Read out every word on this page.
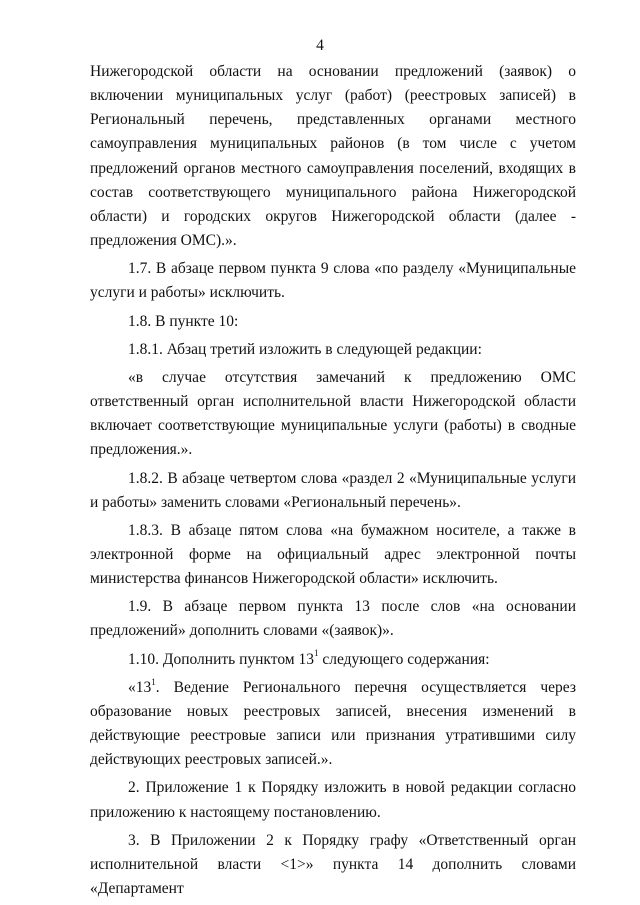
4

Нижегородской области на основании предложений (заявок) о включении муниципальных услуг (работ) (реестровых записей) в Региональный перечень, представленных органами местного самоуправления муниципальных районов (в том числе с учетом предложений органов местного самоуправления поселений, входящих в состав соответствующего муниципального района Нижегородской области) и городских округов Нижегородской области (далее - предложения ОМС).».

1.7. В абзаце первом пункта 9 слова «по разделу «Муниципальные услуги и работы» исключить.

1.8. В пункте 10:

1.8.1. Абзац третий изложить в следующей редакции:

«в случае отсутствия замечаний к предложению ОМС ответственный орган исполнительной власти Нижегородской области включает соответствующие муниципальные услуги (работы) в сводные предложения.».

1.8.2. В абзаце четвертом слова «раздел 2 «Муниципальные услуги и работы» заменить словами «Региональный перечень».

1.8.3. В абзаце пятом слова «на бумажном носителе, а также в электронной форме на официальный адрес электронной почты министерства финансов Нижегородской области» исключить.

1.9. В абзаце первом пункта 13 после слов «на основании предложений» дополнить словами «(заявок)».

1.10. Дополнить пунктом $13^1$ следующего содержания:

«$13^1$. Ведение Регионального перечня осуществляется через образование новых реестровых записей, внесения изменений в действующие реестровые записи или признания утратившими силу действующих реестровых записей.».

2. Приложение 1 к Порядку изложить в новой редакции согласно приложению к настоящему постановлению.

3. В Приложении 2 к Порядку графу «Ответственный орган исполнительной власти <1>» пункта 14 дополнить словами «Департамент
